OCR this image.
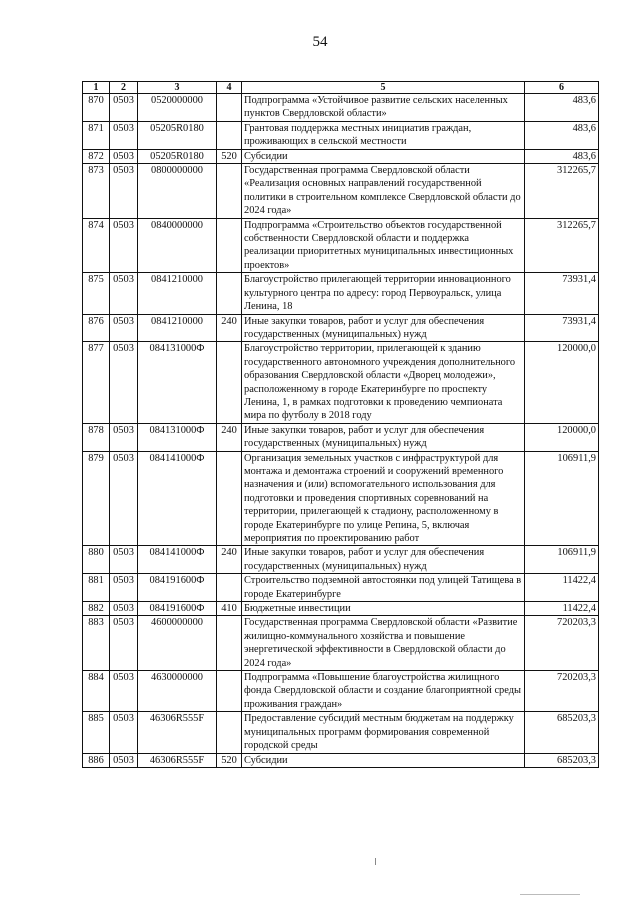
54
1	2	3	4	5	6
870	0503	0520000000		Подпрограмма «Устойчивое развитие сельских населенных пунктов Свердловской области»	483,6
871	0503	05205R0180		Грантовая поддержка местных инициатив граждан, проживающих в сельской местности	483,6
872	0503	05205R0180	520	Субсидии	483,6
873	0503	0800000000		Государственная программа Свердловской области «Реализация основных направлений государственной политики в строительном комплексе Свердловской области до 2024 года»	312265,7
874	0503	0840000000		Подпрограмма «Строительство объектов государственной собственности Свердловской области и поддержка реализации приоритетных муниципальных инвестиционных проектов»	312265,7
875	0503	0841210000		Благоустройство прилегающей территории инновационного культурного центра по адресу: город Первоуральск, улица Ленина, 18	73931,4
876	0503	0841210000	240	Иные закупки товаров, работ и услуг для обеспечения государственных (муниципальных) нужд	73931,4
877	0503	084131000Ф		Благоустройство территории, прилегающей к зданию государственного автономного учреждения дополнительного образования Свердловской области «Дворец молодежи», расположенному в городе Екатеринбурге по проспекту Ленина, 1, в рамках подготовки к проведению чемпионата мира по футболу в 2018 году	120000,0
878	0503	084131000Ф	240	Иные закупки товаров, работ и услуг для обеспечения государственных (муниципальных) нужд	120000,0
879	0503	084141000Ф		Организация земельных участков с инфраструктурой для монтажа и демонтажа строений и сооружений временного назначения и (или) вспомогательного использования для подготовки и проведения спортивных соревнований на территории, прилегающей к стадиону, расположенному в городе Екатеринбурге по улице Репина, 5, включая мероприятия по проектированию работ	106911,9
880	0503	084141000Ф	240	Иные закупки товаров, работ и услуг для обеспечения государственных (муниципальных) нужд	106911,9
881	0503	084191600Ф		Строительство подземной автостоянки под улицей Татищева в городе Екатеринбурге	11422,4
882	0503	084191600Ф	410	Бюджетные инвестиции	11422,4
883	0503	4600000000		Государственная программа Свердловской области «Развитие жилищно-коммунального хозяйства и повышение энергетической эффективности в Свердловской области до 2024 года»	720203,3
884	0503	4630000000		Подпрограмма «Повышение благоустройства жилищного фонда Свердловской области и создание благоприятной среды проживания граждан»	720203,3
885	0503	46306R555F		Предоставление субсидий местным бюджетам на поддержку муниципальных программ формирования современной городской среды	685203,3
886	0503	46306R555F	520	Субсидии	685203,3
